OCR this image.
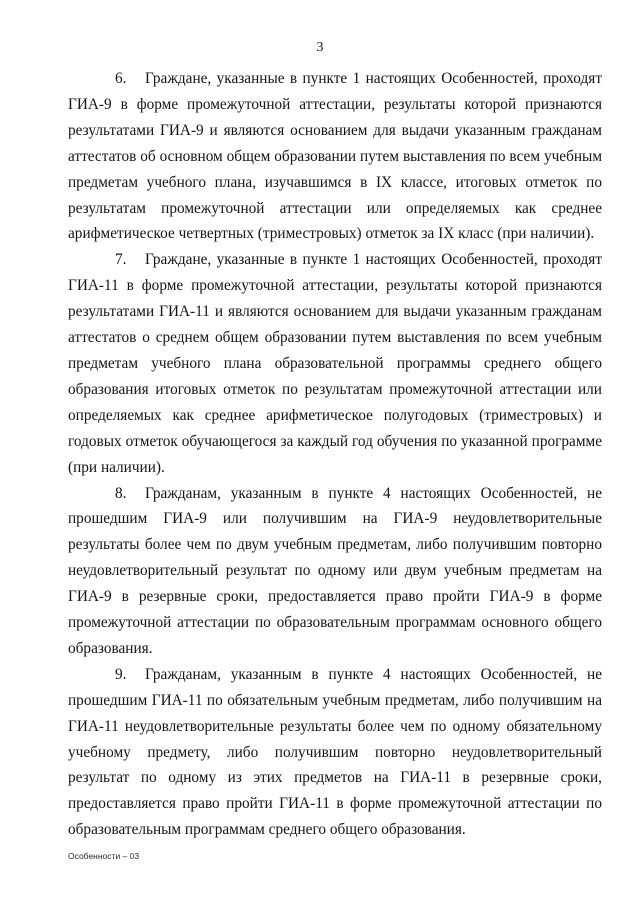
3

6. Граждане, указанные в пункте 1 настоящих Особенностей, проходят ГИА-9 в форме промежуточной аттестации, результаты которой признаются результатами ГИА-9 и являются основанием для выдачи указанным гражданам аттестатов об основном общем образовании путем выставления по всем учебным предметам учебного плана, изучавшимся в IX классе, итоговых отметок по результатам промежуточной аттестации или определяемых как среднее арифметическое четвертных (триместровых) отметок за IX класс (при наличии).

7. Граждане, указанные в пункте 1 настоящих Особенностей, проходят ГИА-11 в форме промежуточной аттестации, результаты которой признаются результатами ГИА-11 и являются основанием для выдачи указанным гражданам аттестатов о среднем общем образовании путем выставления по всем учебным предметам учебного плана образовательной программы среднего общего образования итоговых отметок по результатам промежуточной аттестации или определяемых как среднее арифметическое полугодовых (триместровых) и годовых отметок обучающегося за каждый год обучения по указанной программе (при наличии).

8. Гражданам, указанным в пункте 4 настоящих Особенностей, не прошедшим ГИА-9 или получившим на ГИА-9 неудовлетворительные результаты более чем по двум учебным предметам, либо получившим повторно неудовлетворительный результат по одному или двум учебным предметам на ГИА-9 в резервные сроки, предоставляется право пройти ГИА-9 в форме промежуточной аттестации по образовательным программам основного общего образования.

9. Гражданам, указанным в пункте 4 настоящих Особенностей, не прошедшим ГИА-11 по обязательным учебным предметам, либо получившим на ГИА-11 неудовлетворительные результаты более чем по одному обязательному учебному предмету, либо получившим повторно неудовлетворительный результат по одному из этих предметов на ГИА-11 в резервные сроки, предоставляется право пройти ГИА-11 в форме промежуточной аттестации по образовательным программам среднего общего образования.

Особенности – 03
